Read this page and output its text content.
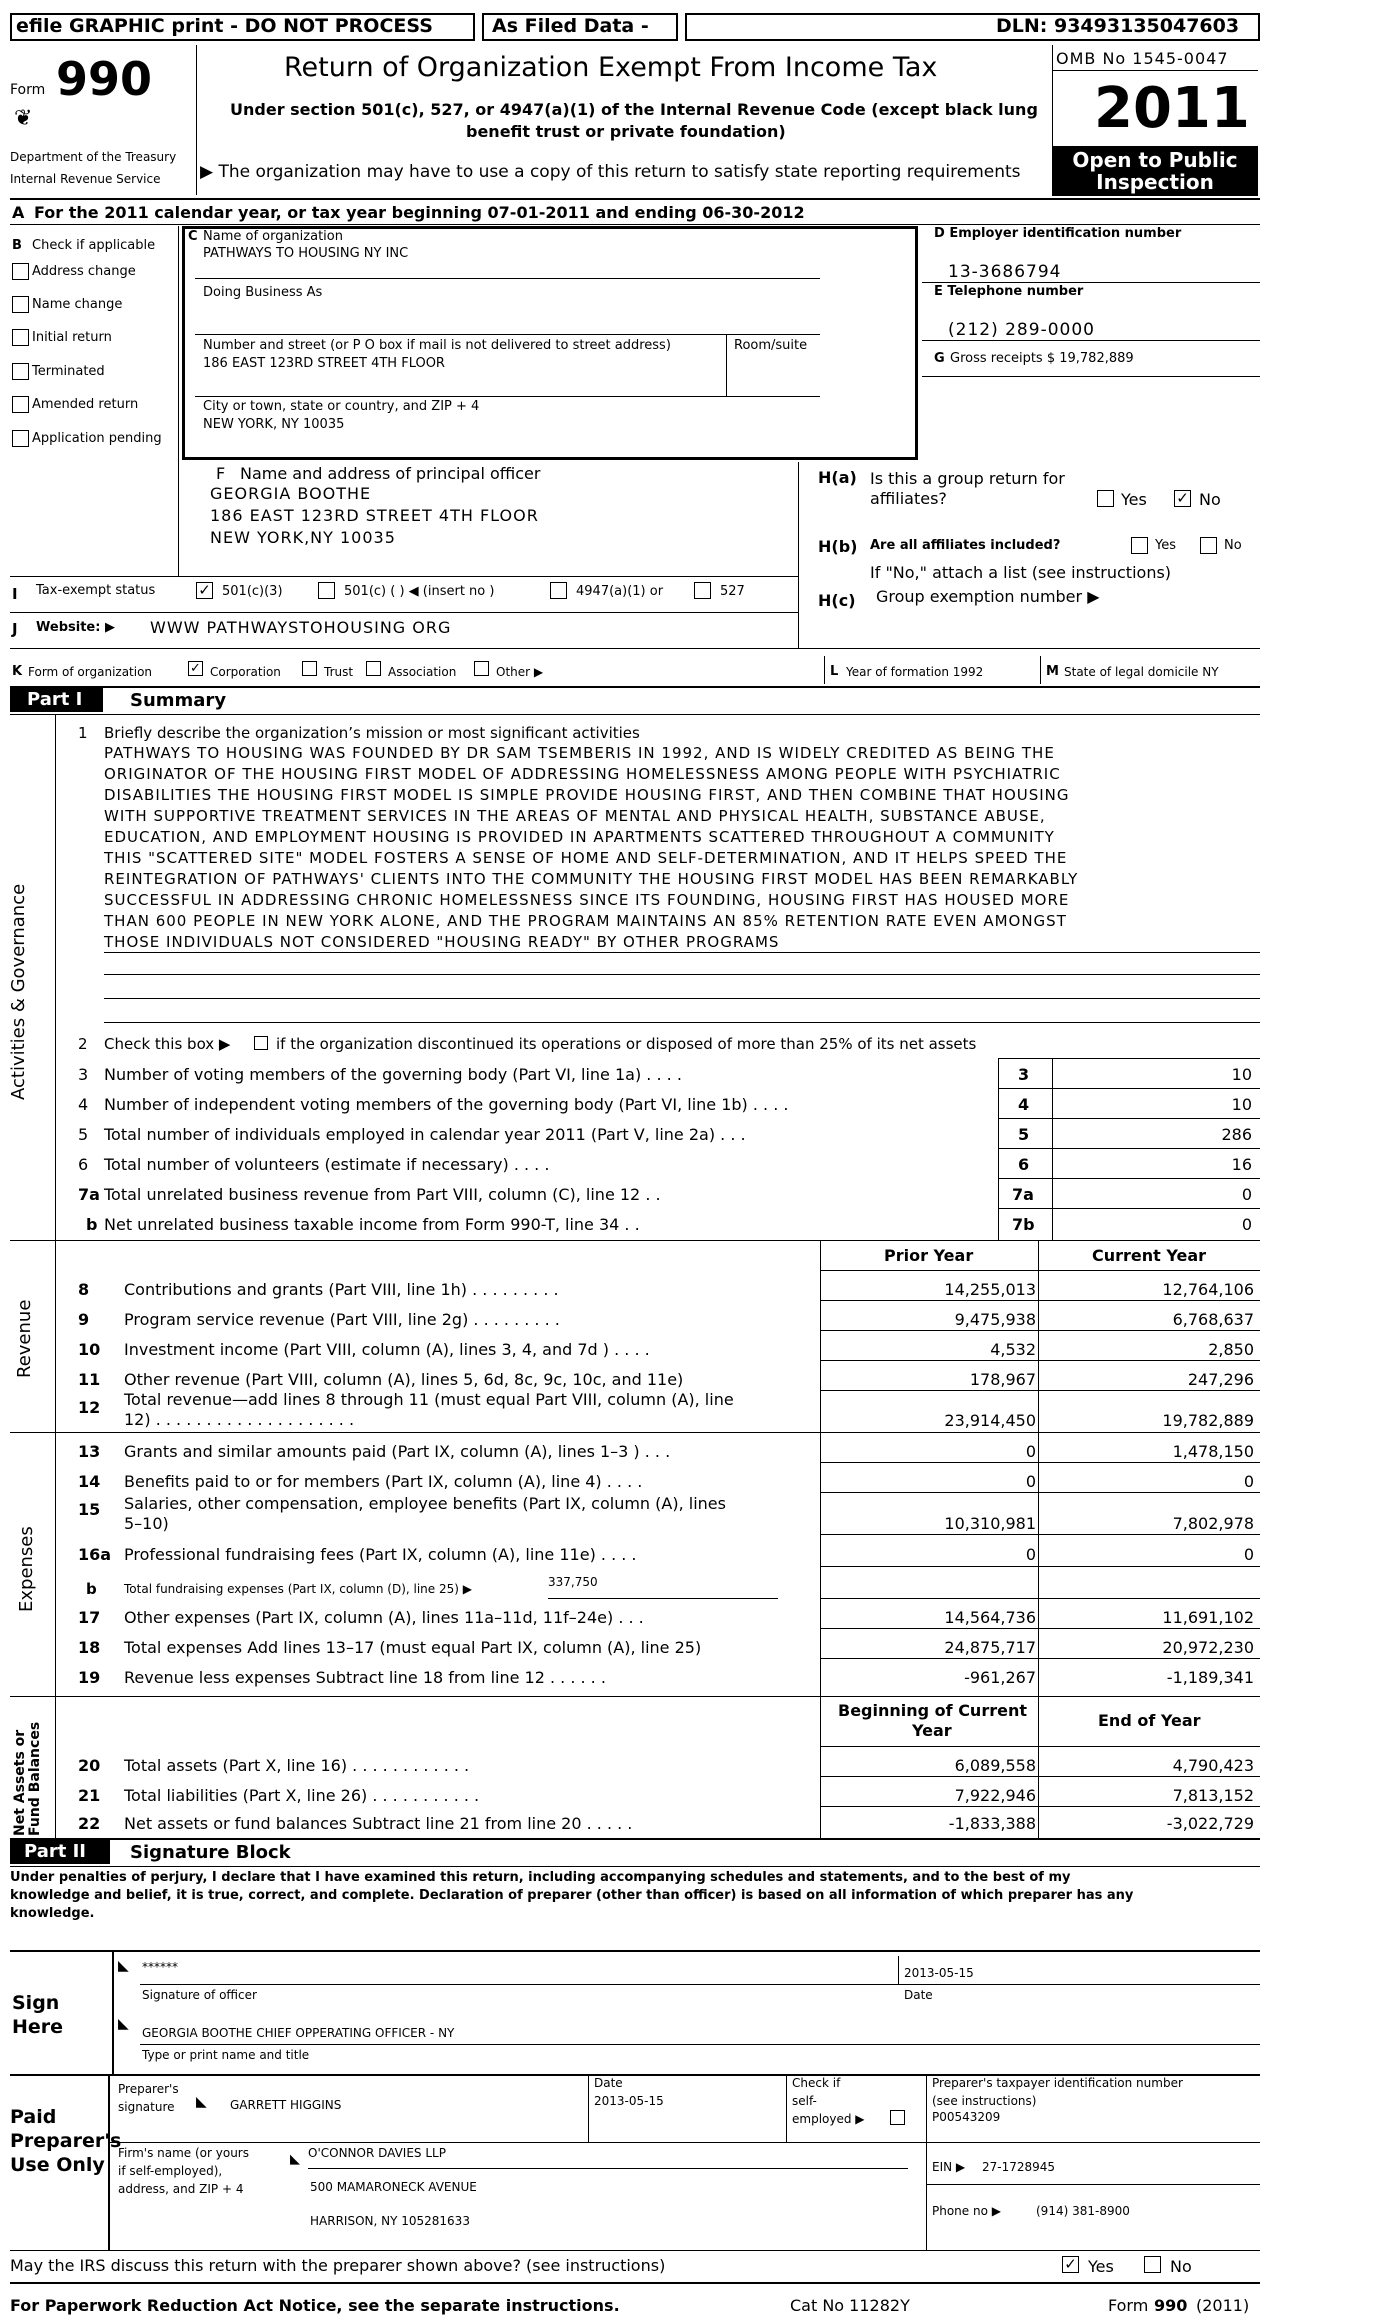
efile GRAPHIC print - DO NOT PROCESS	As Filed Data -	DLN: 93493135047603
Form 990
❦
Department of the Treasury
Internal Revenue Service
Return of Organization Exempt From Income Tax
Under section 501(c), 527, or 4947(a)(1) of the Internal Revenue Code (except black lung
benefit trust or private foundation)
▶ The organization may have to use a copy of this return to satisfy state reporting requirements
OMB No 1545-0047
2011
Open to Public
Inspection
A For the 2011 calendar year, or tax year beginning 07-01-2011 and ending 06-30-2012
B Check if applicable
Address change
Name change
Initial return
Terminated
Amended return
Application pending
C Name of organization
PATHWAYS TO HOUSING NY INC
Doing Business As
Number and street (or P O box if mail is not delivered to street address)	Room/suite
186 EAST 123RD STREET 4TH FLOOR
City or town, state or country, and ZIP + 4
NEW YORK, NY 10035
D Employer identification number
13-3686794
E Telephone number
(212) 289-0000
G Gross receipts $ 19,782,889
F Name and address of principal officer
GEORGIA BOOTHE
186 EAST 123RD STREET 4TH FLOOR
NEW YORK,NY 10035
H(a) Is this a group return for
affiliates?	Yes ✓ No
H(b) Are all affiliates included?	Yes	No
If "No," attach a list (see instructions)
H(c) Group exemption number ▶
I Tax-exempt status	✓ 501(c)(3)	501(c) ( ) ◀ (insert no )	4947(a)(1) or	527
J Website: ▶ WWW PATHWAYSTOHOUSING ORG
K Form of organization	✓ Corporation	Trust	Association	Other ▶	L Year of formation 1992	M State of legal domicile NY
Part I	Summary
Activities & Governance
Revenue
Expenses
Net Assets or Fund Balances
1 Briefly describe the organization’s mission or most significant activities
PATHWAYS TO HOUSING WAS FOUNDED BY DR SAM TSEMBERIS IN 1992, AND IS WIDELY CREDITED AS BEING THE
ORIGINATOR OF THE HOUSING FIRST MODEL OF ADDRESSING HOMELESSNESS AMONG PEOPLE WITH PSYCHIATRIC
DISABILITIES THE HOUSING FIRST MODEL IS SIMPLE PROVIDE HOUSING FIRST, AND THEN COMBINE THAT HOUSING
WITH SUPPORTIVE TREATMENT SERVICES IN THE AREAS OF MENTAL AND PHYSICAL HEALTH, SUBSTANCE ABUSE,
EDUCATION, AND EMPLOYMENT HOUSING IS PROVIDED IN APARTMENTS SCATTERED THROUGHOUT A COMMUNITY
THIS "SCATTERED SITE" MODEL FOSTERS A SENSE OF HOME AND SELF-DETERMINATION, AND IT HELPS SPEED THE
REINTEGRATION OF PATHWAYS' CLIENTS INTO THE COMMUNITY THE HOUSING FIRST MODEL HAS BEEN REMARKABLY
SUCCESSFUL IN ADDRESSING CHRONIC HOMELESSNESS SINCE ITS FOUNDING, HOUSING FIRST HAS HOUSED MORE
THAN 600 PEOPLE IN NEW YORK ALONE, AND THE PROGRAM MAINTAINS AN 85% RETENTION RATE EVEN AMONGST
THOSE INDIVIDUALS NOT CONSIDERED "HOUSING READY" BY OTHER PROGRAMS
2 Check this box ▶	if the organization discontinued its operations or disposed of more than 25% of its net assets
3 Number of voting members of the governing body (Part VI, line 1a) . . . .	3	10
4 Number of independent voting members of the governing body (Part VI, line 1b) . . . .	4	10
5 Total number of individuals employed in calendar year 2011 (Part V, line 2a) . . .	5	286
6 Total number of volunteers (estimate if necessary) . . . .	6	16
7a Total unrelated business revenue from Part VIII, column (C), line 12 . .	7a	0
b Net unrelated business taxable income from Form 990-T, line 34 . .	7b	0
Prior Year	Current Year
8 Contributions and grants (Part VIII, line 1h) . . . . . . . . .	14,255,013	12,764,106
9 Program service revenue (Part VIII, line 2g) . . . . . . . . .	9,475,938	6,768,637
10 Investment income (Part VIII, column (A), lines 3, 4, and 7d ) . . . .	4,532	2,850
11 Other revenue (Part VIII, column (A), lines 5, 6d, 8c, 9c, 10c, and 11e)	178,967	247,296
12 Total revenue—add lines 8 through 11 (must equal Part VIII, column (A), line
12) . . . . . . . . . . . . . . . . . . . .	23,914,450	19,782,889
13 Grants and similar amounts paid (Part IX, column (A), lines 1–3 ) . . .	0	1,478,150
14 Benefits paid to or for members (Part IX, column (A), line 4) . . . .	0	0
15 Salaries, other compensation, employee benefits (Part IX, column (A), lines
5–10)	10,310,981	7,802,978
16a Professional fundraising fees (Part IX, column (A), line 11e) . . . .	0	0
b Total fundraising expenses (Part IX, column (D), line 25) ▶	337,750
17 Other expenses (Part IX, column (A), lines 11a–11d, 11f–24e) . . .	14,564,736	11,691,102
18 Total expenses Add lines 13–17 (must equal Part IX, column (A), line 25)	24,875,717	20,972,230
19 Revenue less expenses Subtract line 18 from line 12 . . . . . .	-961,267	-1,189,341
Beginning of Current
Year
End of Year
20 Total assets (Part X, line 16) . . . . . . . . . . . .	6,089,558	4,790,423
21 Total liabilities (Part X, line 26) . . . . . . . . . . .	7,922,946	7,813,152
22 Net assets or fund balances Subtract line 21 from line 20 . . . . .	-1,833,388	-3,022,729
Part II	Signature Block
Under penalties of perjury, I declare that I have examined this return, including accompanying schedules and statements, and to the best of my
knowledge and belief, it is true, correct, and complete. Declaration of preparer (other than officer) is based on all information of which preparer has any
knowledge.
Sign
Here
◣ ******	2013-05-15
Signature of officer	Date
◣
GEORGIA BOOTHE CHIEF OPPERATING OFFICER - NY
Type or print name and title
Paid
Preparer's
Use Only
Preparer's
signature ◣ GARRETT HIGGINS
Date
2013-05-15
Check if
self-
employed ▶
Preparer's taxpayer identification number
(see instructions)
P00543209
Firm's name (or yours
if self-employed),
address, and ZIP + 4
◣ O'CONNOR DAVIES LLP
500 MAMARONECK AVENUE
HARRISON, NY 105281633
EIN ▶ 27-1728945
Phone no ▶	(914) 381-8900
May the IRS discuss this return with the preparer shown above? (see instructions)	✓ Yes	No
For Paperwork Reduction Act Notice, see the separate instructions.	Cat No 11282Y	Form 990 (2011)
